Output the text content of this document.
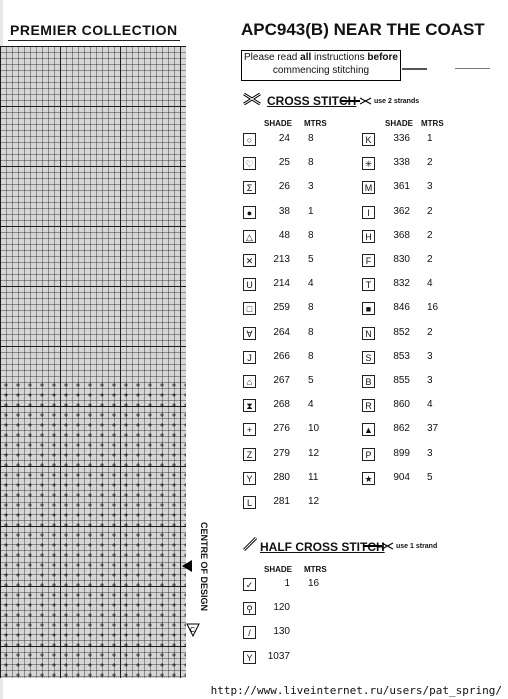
PREMIER COLLECTION
CENTRE OF DESIGN
C
APC943(B) NEAR THE COAST
Please read all instructions before
commencing stitching
CROSS STITCH	use 2 strands
SHADE MTRS	SHADE MTRS
○	24 8
♡	25 8
Σ	26 3
●	38 1
△	48 8
✕	213 5
U	214 4
□	259 8
∀	264 8
J	266 8
⌂	267 5
⧗	268 4
+	276 10
Z	279 12
Y	280 11
L	281 12
K	336 1
✳	338 2
M	361 3
I	362 2
H	368 2
F	830 2
T	832 4
■	846 16
N	852 2
S	853 3
B	855 3
R	860 4
▲	862 37
P	899 3
★	904 5
HALF CROSS STITCH use 1 strand
SHADE MTRS
✓	1 16
⚲	120
/	130
Y	1037
http://www.liveinternet.ru/users/pat_spring/
